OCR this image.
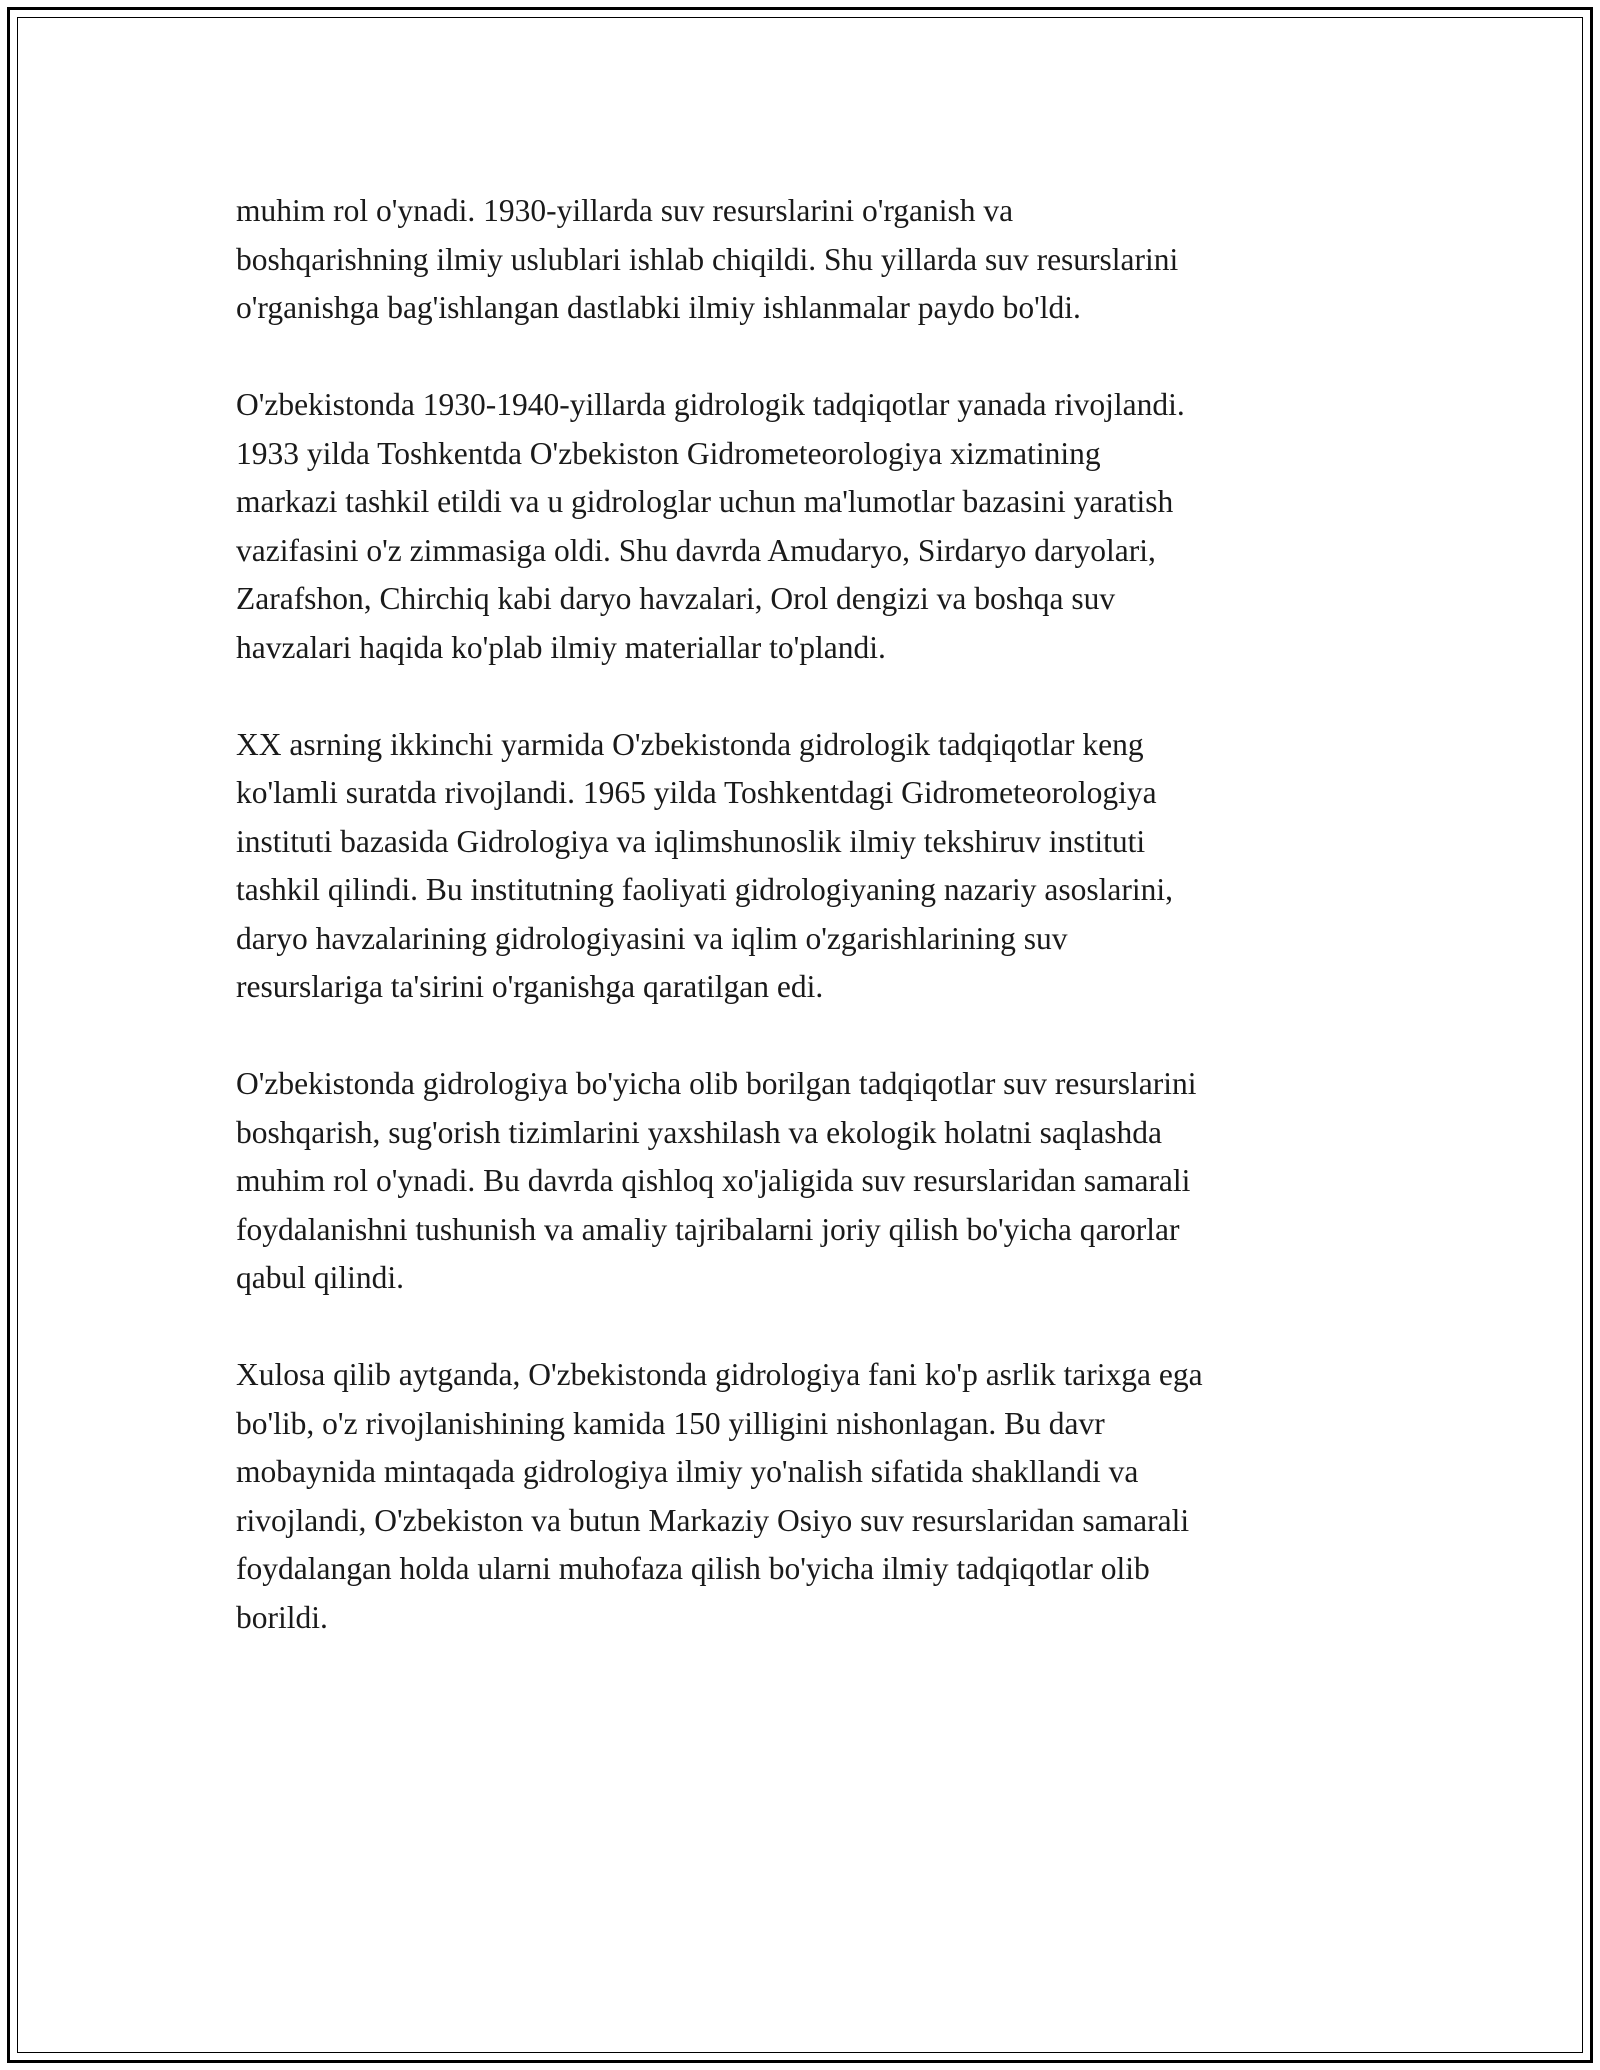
muhim rol o'ynadi. 1930-yillarda suv resurslarini o'rganish va
boshqarishning ilmiy uslublari ishlab chiqildi. Shu yillarda suv resurslarini
o'rganishga bag'ishlangan dastlabki ilmiy ishlanmalar paydo bo'ldi.

O'zbekistonda 1930-1940-yillarda gidrologik tadqiqotlar yanada rivojlandi.
1933 yilda Toshkentda O'zbekiston Gidrometeorologiya xizmatining
markazi tashkil etildi va u gidrologlar uchun ma'lumotlar bazasini yaratish
vazifasini o'z zimmasiga oldi. Shu davrda Amudaryo, Sirdaryo daryolari,
Zarafshon, Chirchiq kabi daryo havzalari, Orol dengizi va boshqa suv
havzalari haqida ko'plab ilmiy materiallar to'plandi.

XX asrning ikkinchi yarmida O'zbekistonda gidrologik tadqiqotlar keng
ko'lamli suratda rivojlandi. 1965 yilda Toshkentdagi Gidrometeorologiya
instituti bazasida Gidrologiya va iqlimshunoslik ilmiy tekshiruv instituti
tashkil qilindi. Bu institutning faoliyati gidrologiyaning nazariy asoslarini,
daryo havzalarining gidrologiyasini va iqlim o'zgarishlarining suv
resurslariga ta'sirini o'rganishga qaratilgan edi.

O'zbekistonda gidrologiya bo'yicha olib borilgan tadqiqotlar suv resurslarini
boshqarish, sug'orish tizimlarini yaxshilash va ekologik holatni saqlashda
muhim rol o'ynadi. Bu davrda qishloq xo'jaligida suv resurslaridan samarali
foydalanishni tushunish va amaliy tajribalarni joriy qilish bo'yicha qarorlar
qabul qilindi.

Xulosa qilib aytganda, O'zbekistonda gidrologiya fani ko'p asrlik tarixga ega
bo'lib, o'z rivojlanishining kamida 150 yilligini nishonlagan. Bu davr
mobaynida mintaqada gidrologiya ilmiy yo'nalish sifatida shakllandi va
rivojlandi, O'zbekiston va butun Markaziy Osiyo suv resurslaridan samarali
foydalangan holda ularni muhofaza qilish bo'yicha ilmiy tadqiqotlar olib
borildi.
